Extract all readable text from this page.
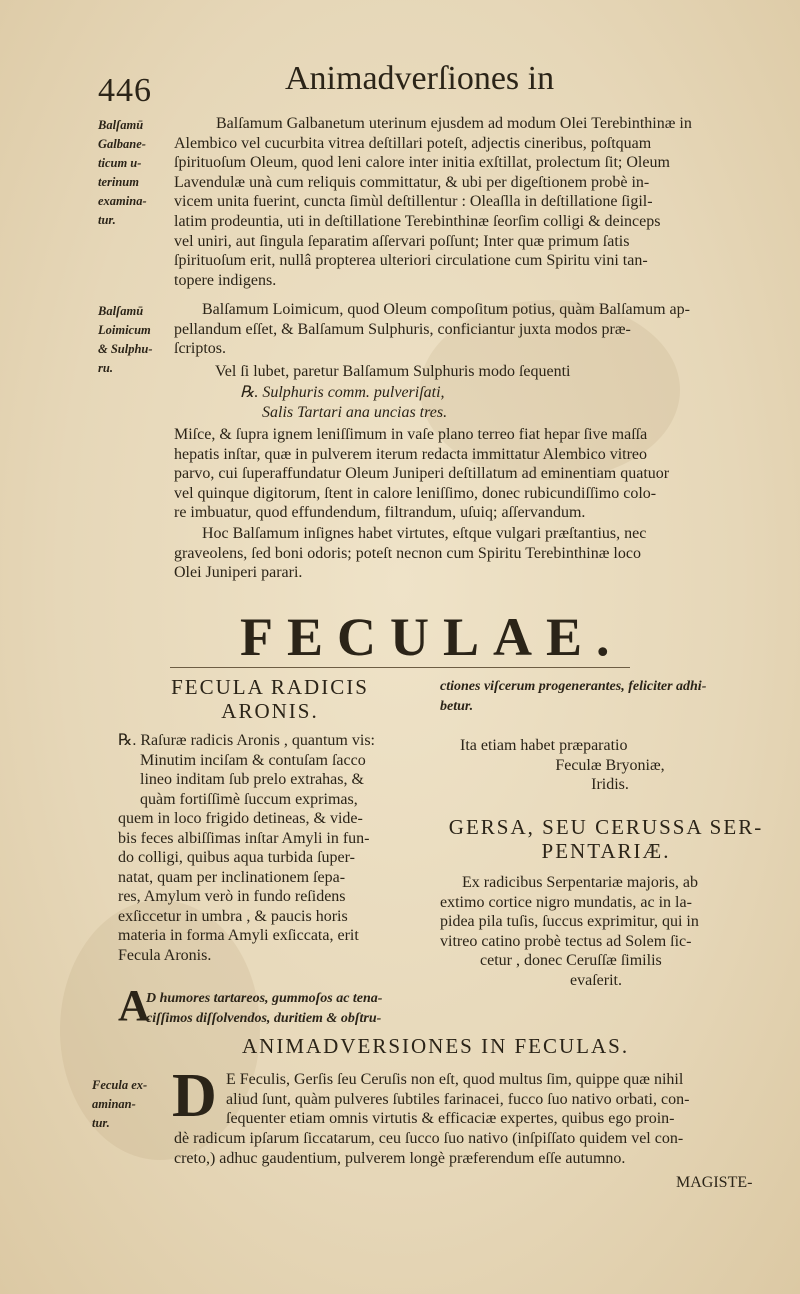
446	Animadverſiones in
Balſamū
Galbane-
ticum u-
terinum
examina-
tur.
Balſamum Galbanetum uterinum ejusdem ad modum Olei Terebinthinæ in
Alembico vel cucurbita vitrea deſtillari poteſt, adjectis cineribus, poſtquam
ſpirituoſum Oleum, quod leni calore inter initia exſtillat, prolectum ſit; Oleum
Lavendulæ unà cum reliquis committatur, & ubi per digeſtionem probè in-
vicem unita fuerint, cuncta ſimùl deſtillentur : Oleaſlla in deſtillatione ſigil-
latim prodeuntia, uti in deſtillatione Terebinthinæ ſeorſim colligi & deinceps
vel uniri, aut ſingula ſeparatim aſſervari poſſunt; Inter quæ primum ſatis
ſpirituoſum erit, nullâ propterea ulteriori circulatione cum Spiritu vini tan-
topere indigens.
Balſamū
Loimicum
& Sulphu-
ru.
Balſamum Loimicum, quod Oleum compoſitum potius, quàm Balſamum ap-
pellandum eſſet, & Balſamum Sulphuris, conficiantur juxta modos præ-
ſcriptos.
Vel ſi lubet, paretur Balſamum Sulphuris modo ſequenti
℞. Sulphuris comm. pulveriſati,
Salis Tartari ana uncias tres.
Miſce, & ſupra ignem leniſſimum in vaſe plano terreo fiat hepar ſive maſſa
hepatis inſtar, quæ in pulverem iterum redacta immittatur Alembico vitreo
parvo, cui ſuperaffundatur Oleum Juniperi deſtillatum ad eminentiam quatuor
vel quinque digitorum, ſtent in calore leniſſimo, donec rubicundiſſimo colo-
re imbuatur, quod effundendum, filtrandum, uſuiq; aſſervandum.
Hoc Balſamum inſignes habet virtutes, eſtque vulgari præſtantius, nec
graveolens, ſed boni odoris; poteſt necnon cum Spiritu Terebinthinæ loco
Olei Juniperi parari.
FECULAE.
FECULA RADICIS
ARONIS.
℞. Raſuræ radicis Aronis , quantum vis:
Minutim inciſam & contuſam ſacco
lineo inditam ſub prelo extrahas, &
quàm fortiſſimè ſuccum exprimas,
quem in loco frigido detineas, & vide-
bis feces albiſſimas inſtar Amyli in fun-
do colligi, quibus aqua turbida ſuper-
natat, quam per inclinationem ſepa-
res, Amylum verò in fundo reſidens
exſiccetur in umbra , & paucis horis
materia in forma Amyli exſiccata, erit
Fecula Aronis.
A
D humores tartareos, gummoſos ac tena-
ciſſimos diſſolvendos, duritiem & obſtru-
ctiones viſcerum progenerantes, feliciter adhi-
betur.
Ita etiam habet præparatio
Feculæ Bryoniæ,
Iridis.
GERSA, SEU CERUSSA SER-
PENTARIÆ.
Ex radicibus Serpentariæ majoris, ab
extimo cortice nigro mundatis, ac in la-
pidea pila tuſis, ſuccus exprimitur, qui in
vitreo catino probè tectus ad Solem ſic-
cetur , donec Ceruſſæ ſimilis
evaſerit.
ANIMADVERSIONES IN FECULAS.
Fecula ex-
aminan-
tur.	D E Feculis, Gerſis ſeu Ceruſis non eſt, quod multus ſim, quippe quæ nihil
aliud ſunt, quàm pulveres ſubtiles farinacei, fucco ſuo nativo orbati, con-
ſequenter etiam omnis virtutis & efficaciæ expertes, quibus ego proin-
dè radicum ipſarum ſiccatarum, ceu ſucco ſuo nativo (inſpiſſato quidem vel con-
creto,) adhuc gaudentium, pulverem longè præferendum eſſe autumno.
MAGISTE-
